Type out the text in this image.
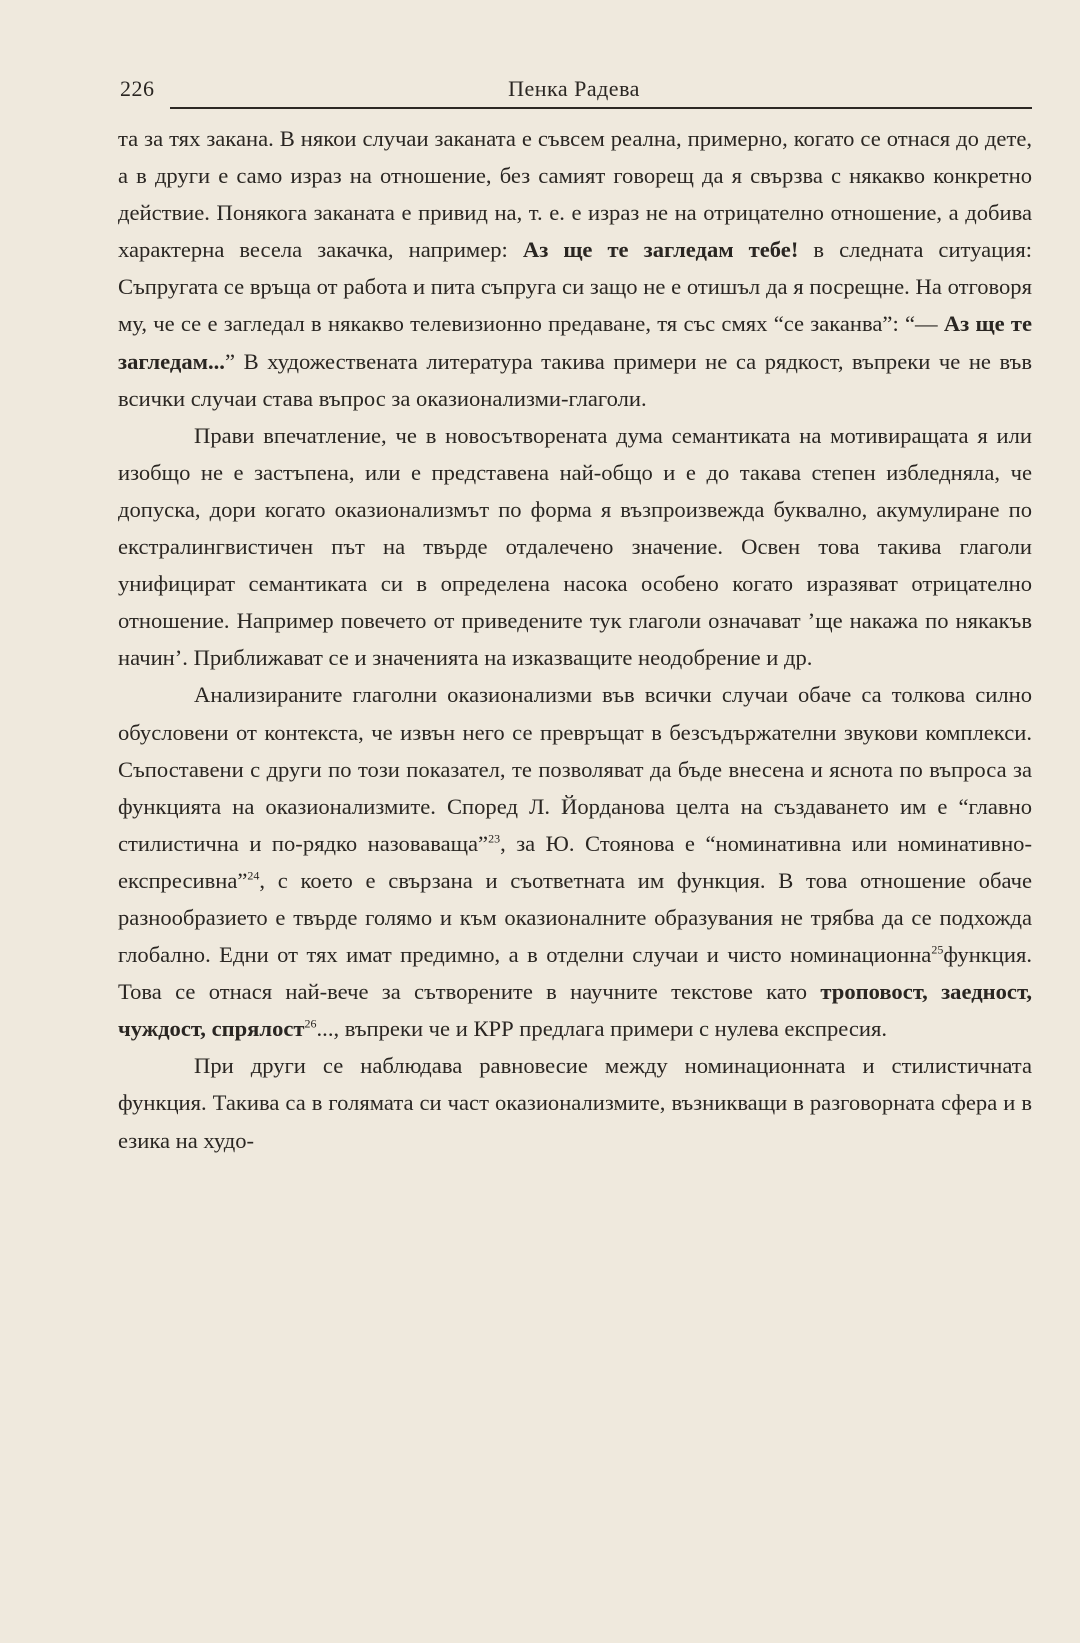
226	Пенка Радева

та за тях закана. В някои случаи заканата е съвсем реална, примерно, когато се отнася до дете, а в други е само израз на отношение, без самият говорещ да я свързва с някакво конкретно действие. Понякога заканата е привид на, т. е. е израз не на отрицателно отношение, а добива характерна весела закачка, например: Аз ще те загледам тебе! в следната ситуация: Съпругата се връща от работа и пита съпруга си защо не е отишъл да я посрещне. На отговоря му, че се е загледал в някакво телевизионно предаване, тя със смях “се заканва”: “— Аз ще те загледам...” В художествената литература такива примери не са рядкост, въпреки че не във всички случаи става въпрос за оказионализми-глаголи.

Прави впечатление, че в новосътворената дума семантиката на мотивиращата я или изобщо не е застъпена, или е представена най-общо и е до такава степен избледняла, че допуска, дори когато оказионализмът по форма я възпроизвежда буквално, акумулиране по екстралингвистичен път на твърде отдалечено значение. Освен това такива глаголи унифицират семантиката си в определена насока особено когато изразяват отрицателно отношение. Например повечето от приведените тук глаголи означават ’ще накажа по някакъв начин’. Приближават се и значенията на изказващите неодобрение и др.

Анализираните глаголни оказионализми във всички случаи обаче са толкова силно обусловени от контекста, че извън него се превръщат в безсъдържателни звукови комплекси. Съпоставени с други по този показател, те позволяват да бъде внесена и яснота по въпроса за функцията на оказионализмите. Според Л. Йорданова целта на създаването им е “главно стилистична и по-рядко назоваваща”$^{23}$, за Ю. Стоянова е “номинативна или номинативно-експресивна”$^{24}$, с което е свързана и съответната им функция. В това отношение обаче разнообразието е твърде голямо и към оказионалните образувания не трябва да се подхожда глобално. Едни от тях имат предимно, а в отделни случаи и чисто номинационна$^{25}$функция. Това се отнася най-вече за сътворените в научните текстове като троповост, заедност, чуждост, спрялост$^{26}$..., въпреки че и КРР предлага примери с нулева експресия.

При други се наблюдава равновесие между номинационната и стилистичната функция. Такива са в голямата си част оказионализмите, възникващи в разговорната сфера и в езика на худо-
